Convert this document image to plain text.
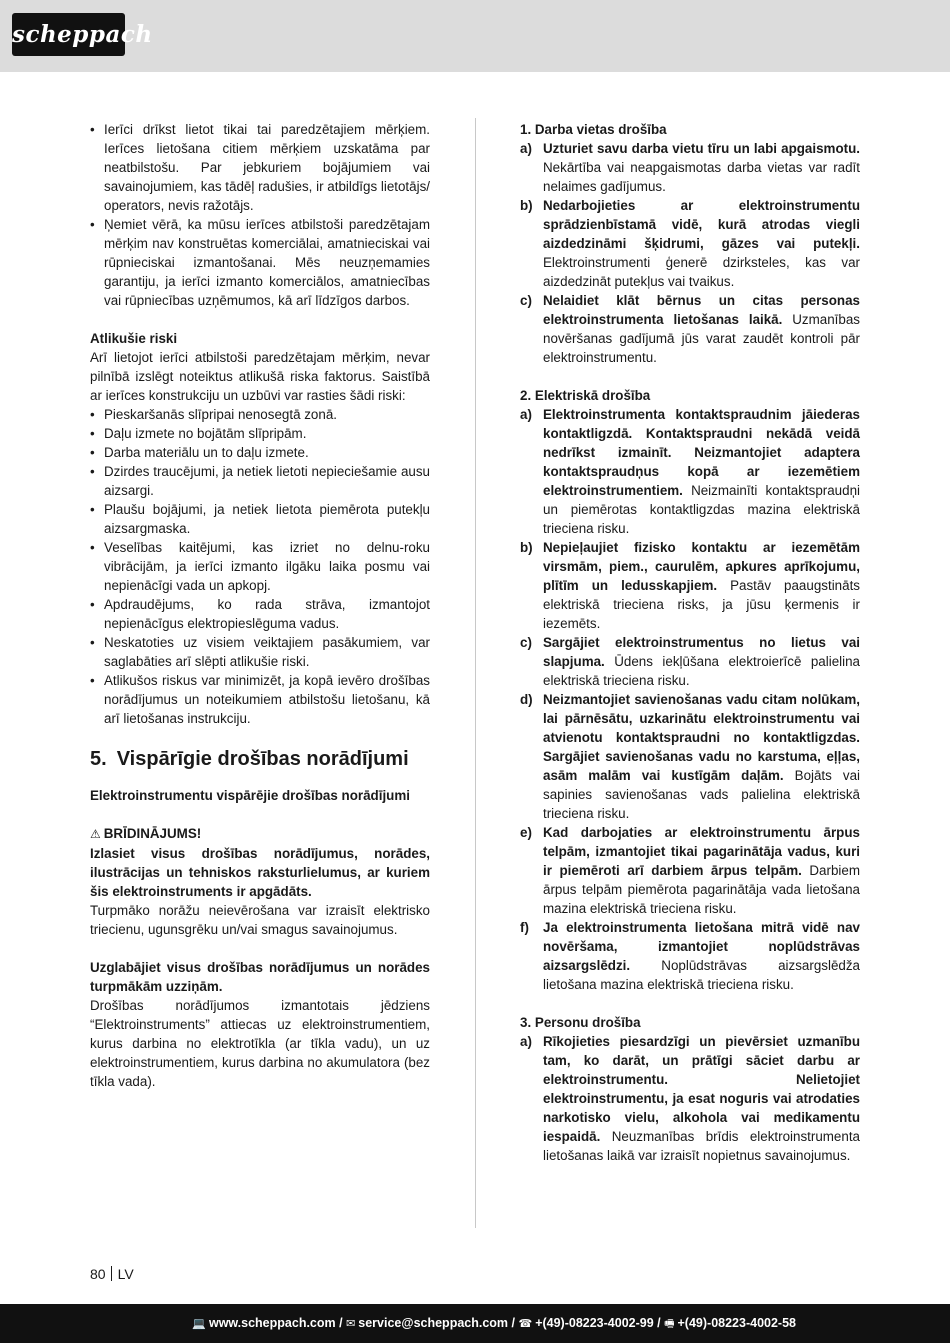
scheppach
• Ierīci drīkst lietot tikai tai paredzētajiem mērķiem. Ierīces lietošana citiem mērķiem uzskatāma par neatbilstošu. Par jebkuriem bojājumiem vai savainojumiem, kas tādēļ radušies, ir atbildīgs lietotājs/ operators, nevis ražotājs.
• Ņemiet vērā, ka mūsu ierīces atbilstoši paredzētajam mērķim nav konstruētas komerciālai, amatnieciskai vai rūpnieciskai izmantošanai. Mēs neuzņemamies garantiju, ja ierīci izmanto komerciālos, amatniecības vai rūpniecības uzņēmumos, kā arī līdzīgos darbos.

Atlikušie riski

Arī lietojot ierīci atbilstoši paredzētajam mērķim, nevar pilnībā izslēgt noteiktus atlikušā riska faktorus. Saistībā ar ierīces konstrukciju un uzbūvi var rasties šādi riski:

• Pieskaršanās slīpripai nenosegtā zonā.
• Daļu izmete no bojātām slīpripām.
• Darba materiālu un to daļu izmete.
• Dzirdes traucējumi, ja netiek lietoti nepieciešamie ausu aizsargi.
• Plaušu bojājumi, ja netiek lietota piemērota putekļu aizsargmaska.
• Veselības kaitējumi, kas izriet no delnu-roku vibrācijām, ja ierīci izmanto ilgāku laika posmu vai nepienācīgi vada un apkopj.
• Apdraudējums, ko rada strāva, izmantojot nepienācīgus elektropieslēguma vadus.
• Neskatoties uz visiem veiktajiem pasākumiem, var saglabāties arī slēpti atlikušie riski.
• Atlikušos riskus var minimizēt, ja kopā ievēro drošības norādījumus un noteikumiem atbilstošu lietošanu, kā arī lietošanas instrukciju.
5. Vispārīgie drošības norādījumi

Elektroinstrumentu vispārējie drošības norādījumi

⚠ BRĪDINĀJUMS!

Izlasiet visus drošības norādījumus, norādes, ilustrācijas un tehniskos raksturlielumus, ar kuriem šis elektroinstruments ir apgādāts.

Turpmāko norāžu neievērošana var izraisīt elektrisko triecienu, ugunsgrēku un/vai smagus savainojumus.

Uzglabājiet visus drošības norādījumus un norādes turpmākām uzziņām.

Drošības norādījumos izmantotais jēdziens “Elektroinstruments” attiecas uz elektroinstrumentiem, kurus darbina no elektrotīkla (ar tīkla vadu), un uz elektroinstrumentiem, kurus darbina no akumulatora (bez tīkla vada).

1. Darba vietas drošība

a) Uzturiet savu darba vietu tīru un labi apgaismotu. Nekārtība vai neapgaismotas darba vietas var radīt nelaimes gadījumus.
b) Nedarbojieties ar elektroinstrumentu sprādzienbīstamā vidē, kurā atrodas viegli aizdedzināmi šķidrumi, gāzes vai putekļi. Elektroinstrumenti ģenerē dzirksteles, kas var aizdedzināt putekļus vai tvaikus.
c) Nelaidiet klāt bērnus un citas personas elektroinstrumenta lietošanas laikā. Uzmanības novēršanas gadījumā jūs varat zaudēt kontroli pār elektroinstrumentu.

2. Elektriskā drošība

a) Elektroinstrumenta kontaktspraudnim jāiederas kontaktligzdā. Kontaktspraudni nekādā veidā nedrīkst izmainīt. Neizmantojiet adaptera kontaktspraudņus kopā ar iezemētiem elektroinstrumentiem. Neizmainīti kontaktspraudņi un piemērotas kontaktligzdas mazina elektriskā trieciena risku.
b) Nepieļaujiet fizisko kontaktu ar iezemētām virsmām, piem., caurulēm, apkures aprīkojumu, plītīm un ledusskapjiem. Pastāv paaugstināts elektriskā trieciena risks, ja jūsu ķermenis ir iezemēts.
c) Sargājiet elektroinstrumentus no lietus vai slapjuma. Ūdens iekļūšana elektroierīcē palielina elektriskā trieciena risku.
d) Neizmantojiet savienošanas vadu citam nolūkam, lai pārnēsātu, uzkarinātu elektroinstrumentu vai atvienotu kontaktspraudni no kontaktligzdas. Sargājiet savienošanas vadu no karstuma, eļļas, asām malām vai kustīgām daļām. Bojāts vai sapinies savienošanas vads palielina elektriskā trieciena risku.
e) Kad darbojaties ar elektroinstrumentu ārpus telpām, izmantojiet tikai pagarinātāja vadus, kuri ir piemēroti arī darbiem ārpus telpām. Darbiem ārpus telpām piemērota pagarinātāja vada lietošana mazina elektriskā trieciena risku.
f) Ja elektroinstrumenta lietošana mitrā vidē nav novēršama, izmantojiet noplūdstrāvas aizsargslēdzi. Noplūdstrāvas aizsargslēdža lietošana mazina elektriskā trieciena risku.

3. Personu drošība

a) Rīkojieties piesardzīgi un pievērsiet uzmanību tam, ko darāt, un prātīgi sāciet darbu ar elektroinstrumentu. Nelietojiet elektroinstrumentu, ja esat noguris vai atrodaties narkotisko vielu, alkohola vai medikamentu iespaidā. Neuzmanības brīdis elektroinstrumenta lietošanas laikā var izraisīt nopietnus savainojumus.
80 LV
💻 www.scheppach.com / ✉ service@scheppach.com / ☎ +(49)-08223-4002-99 / 🖷 +(49)-08223-4002-58
